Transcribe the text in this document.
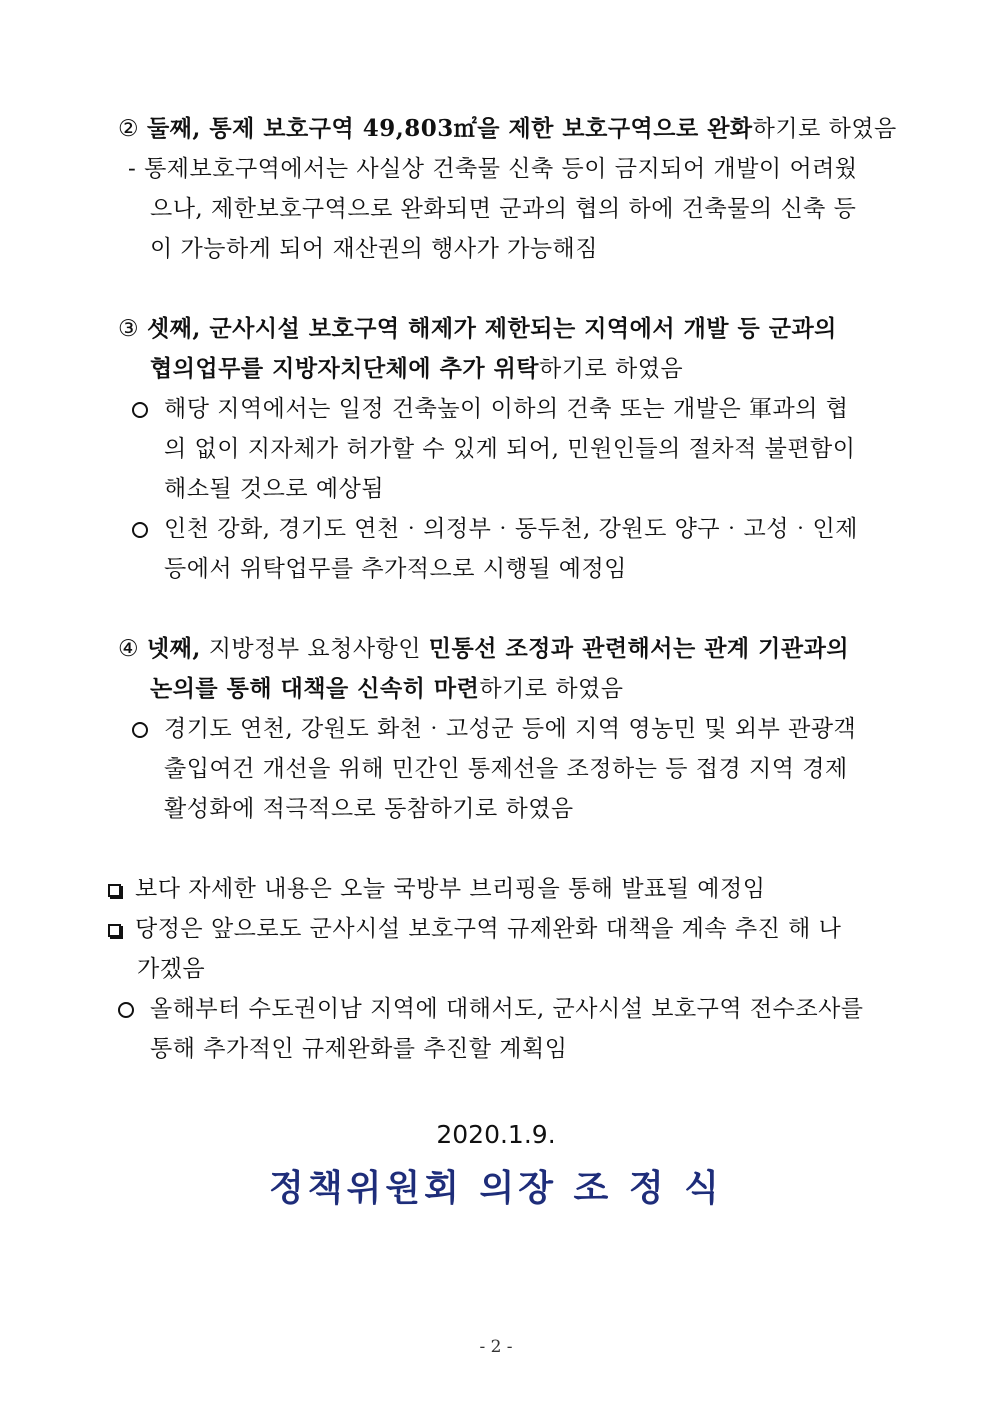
② 둘째, 통제 보호구역 49,803㎡을 제한 보호구역으로 완화하기로 하였음
- 통제보호구역에서는 사실상 건축물 신축 등이 금지되어 개발이 어려웠
으나, 제한보호구역으로 완화되면 군과의 협의 하에 건축물의 신축 등
이 가능하게 되어 재산권의 행사가 가능해짐
③ 셋째, 군사시설 보호구역 해제가 제한되는 지역에서 개발 등 군과의
협의업무를 지방자치단체에 추가 위탁하기로 하였음
해당 지역에서는 일정 건축높이 이하의 건축 또는 개발은 軍과의 협
의 없이 지자체가 허가할 수 있게 되어, 민원인들의 절차적 불편함이
해소될 것으로 예상됨
인천 강화, 경기도 연천‧의정부‧동두천, 강원도 양구‧고성‧인제
등에서 위탁업무를 추가적으로 시행될 예정임
④ 넷째, 지방정부 요청사항인 민통선 조정과 관련해서는 관계 기관과의
논의를 통해 대책을 신속히 마련하기로 하였음
경기도 연천, 강원도 화천‧고성군 등에 지역 영농민 및 외부 관광객
출입여건 개선을 위해 민간인 통제선을 조정하는 등 접경 지역 경제
활성화에 적극적으로 동참하기로 하였음
보다 자세한 내용은 오늘 국방부 브리핑을 통해 발표될 예정임
당정은 앞으로도 군사시설 보호구역 규제완화 대책을 계속 추진 해 나
가겠음
올해부터 수도권이남 지역에 대해서도, 군사시설 보호구역 전수조사를
통해 추가적인 규제완화를 추진할 계획임
2020.1.9.
정책위원회 의장 조 정 식
- 2 -
